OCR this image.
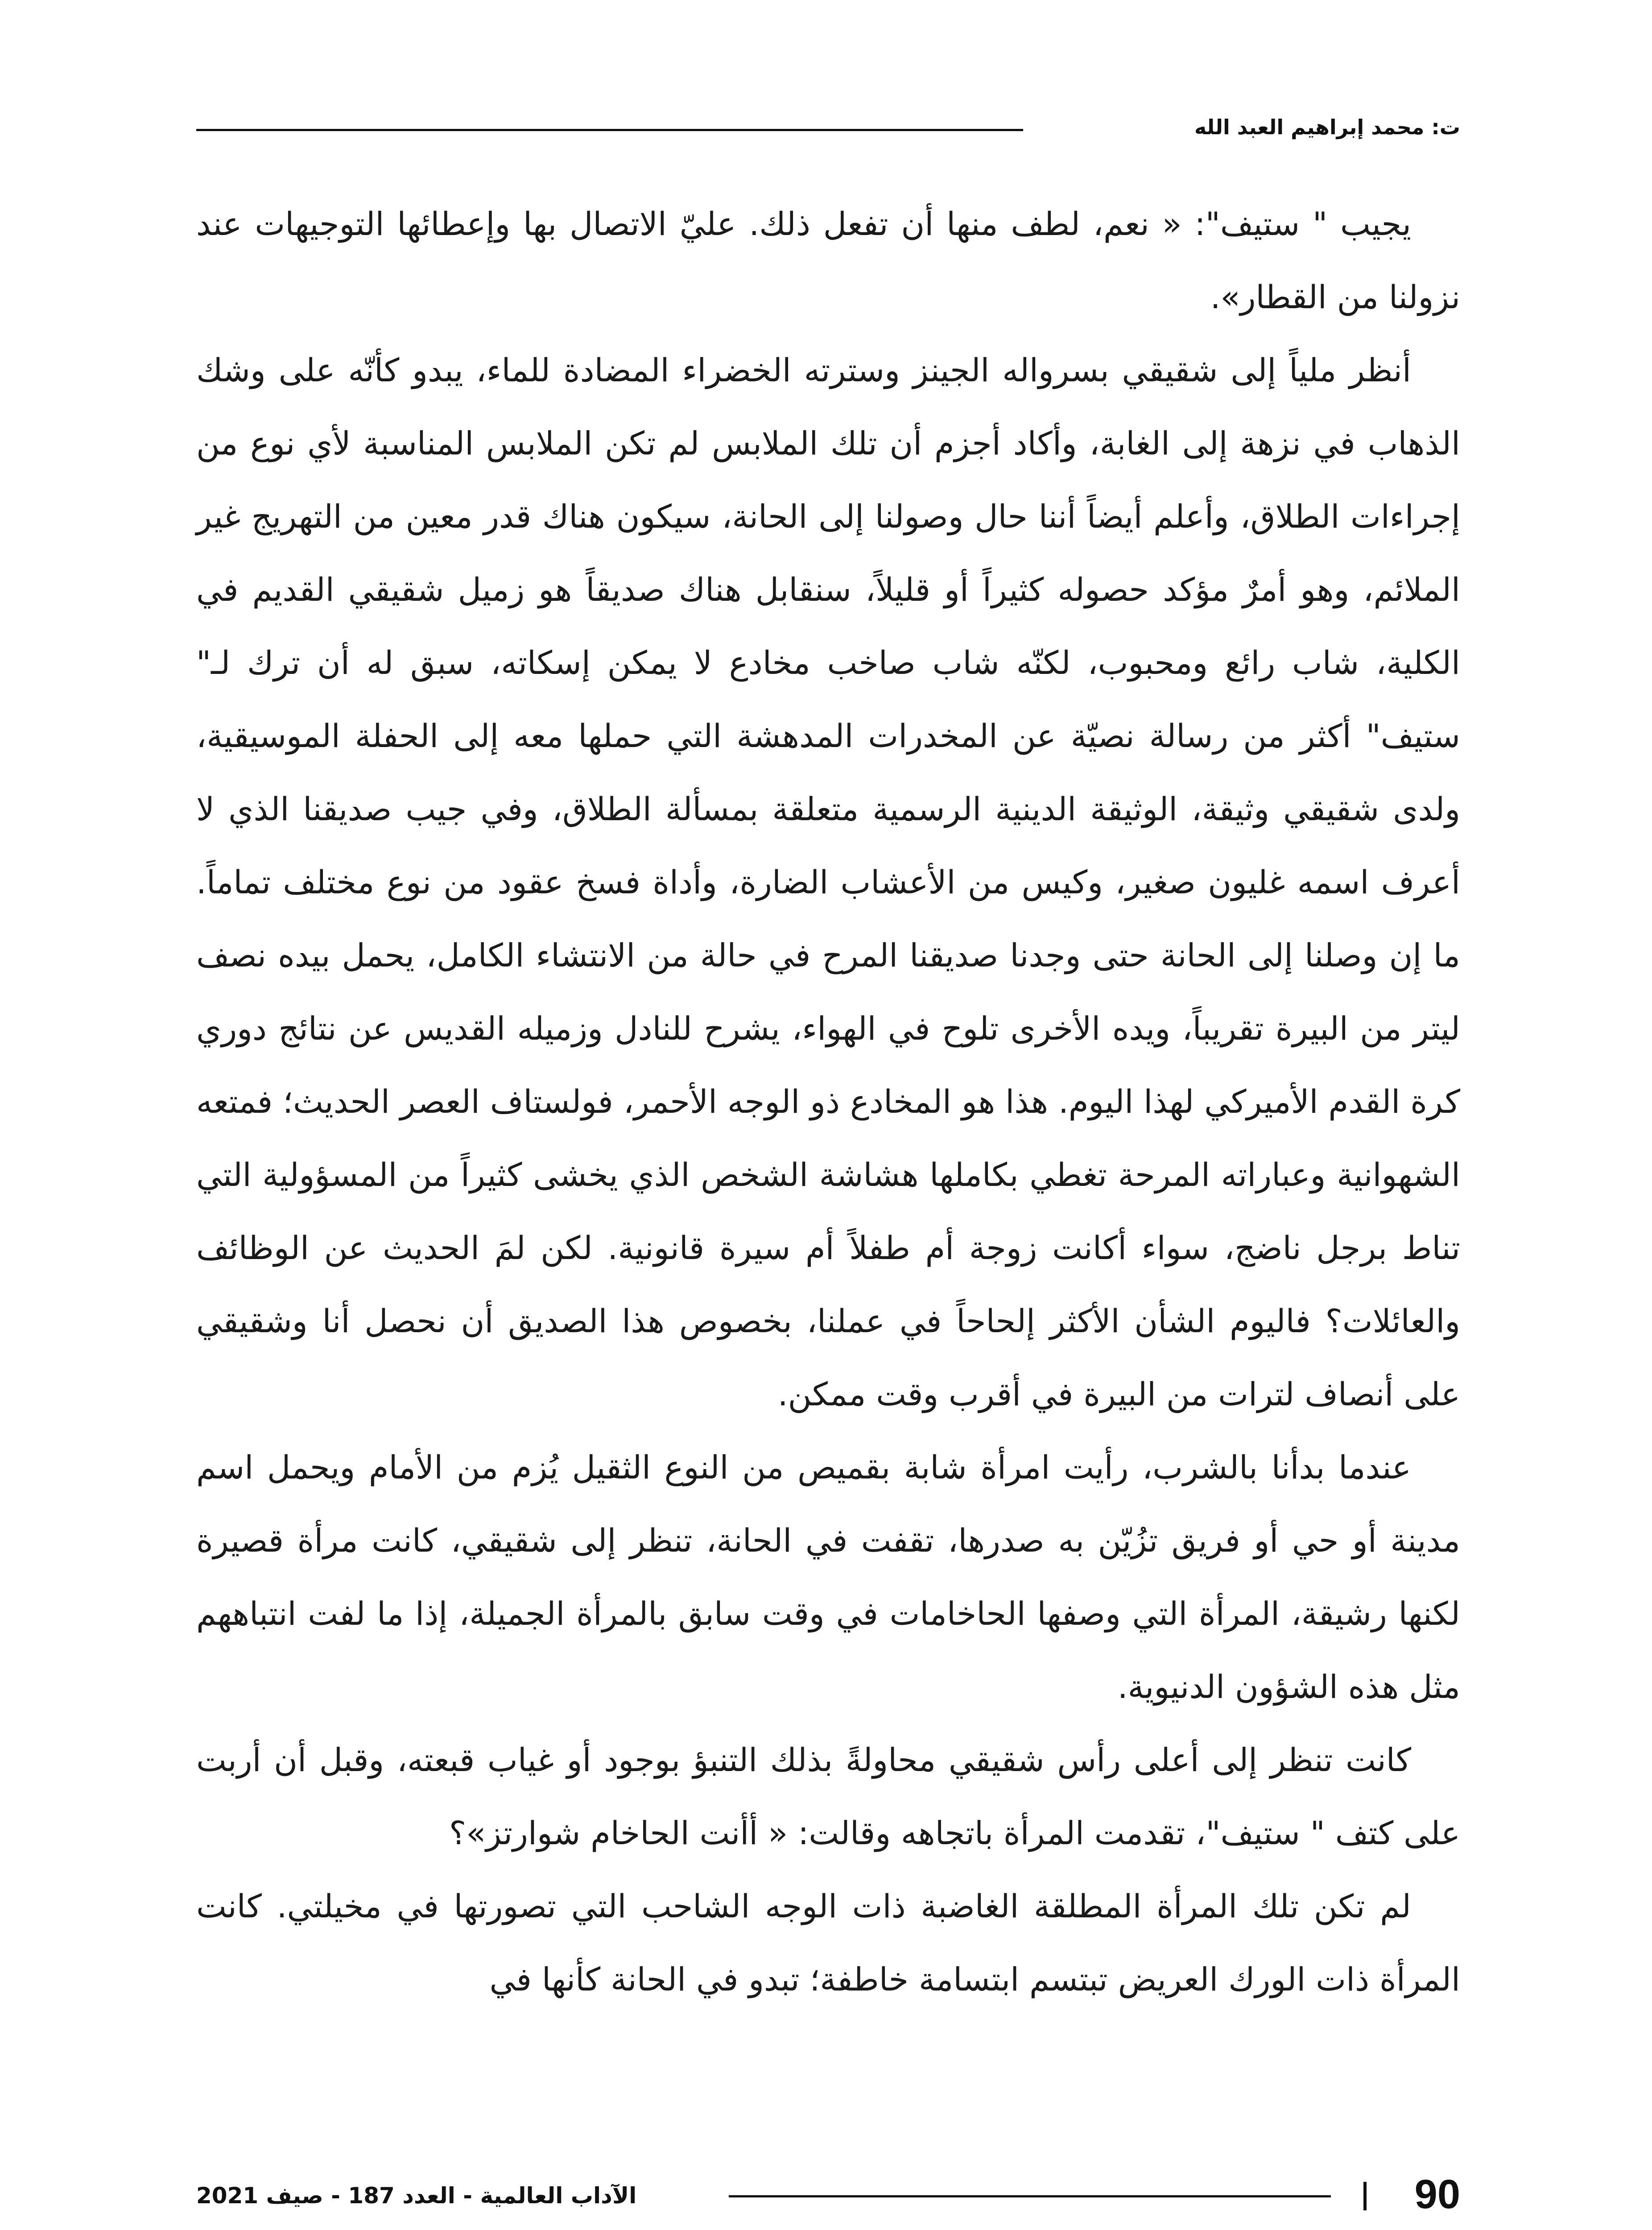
ت: محمد إبراهيم العبد الله

يجيب " ستيف": « نعم، لطف منها أن تفعل ذلك. عليّ الاتصال بها وإعطائها التوجيهات عند نزولنا من القطار».

أنظر ملياً إلى شقيقي بسرواله الجينز وسترته الخضراء المضادة للماء، يبدو كأنّه على وشك الذهاب في نزهة إلى الغابة، وأكاد أجزم أن تلك الملابس لم تكن الملابس المناسبة لأي نوع من إجراءات الطلاق، وأعلم أيضاً أننا حال وصولنا إلى الحانة، سيكون هناك قدر معين من التهريج غير الملائم، وهو أمرٌ مؤكد حصوله كثيراً أو قليلاً، سنقابل هناك صديقاً هو زميل شقيقي القديم في الكلية، شاب رائع ومحبوب، لكنّه شاب صاخب مخادع لا يمكن إسكاته، سبق له أن ترك لـ" ستيف" أكثر من رسالة نصيّة عن المخدرات المدهشة التي حملها معه إلى الحفلة الموسيقية، ولدى شقيقي وثيقة، الوثيقة الدينية الرسمية متعلقة بمسألة الطلاق، وفي جيب صديقنا الذي لا أعرف اسمه غليون صغير، وكيس من الأعشاب الضارة، وأداة فسخ عقود من نوع مختلف تماماً. ما إن وصلنا إلى الحانة حتى وجدنا صديقنا المرح في حالة من الانتشاء الكامل، يحمل بيده نصف ليتر من البيرة تقريباً، ويده الأخرى تلوح في الهواء، يشرح للنادل وزميله القديس عن نتائج دوري كرة القدم الأميركي لهذا اليوم. هذا هو المخادع ذو الوجه الأحمر، فولستاف العصر الحديث؛ فمتعه الشهوانية وعباراته المرحة تغطي بكاملها هشاشة الشخص الذي يخشى كثيراً من المسؤولية التي تناط برجل ناضج، سواء أكانت زوجة أم طفلاً أم سيرة قانونية. لكن لمَ الحديث عن الوظائف والعائلات؟ فاليوم الشأن الأكثر إلحاحاً في عملنا، بخصوص هذا الصديق أن نحصل أنا وشقيقي على أنصاف لترات من البيرة في أقرب وقت ممكن.

عندما بدأنا بالشرب، رأيت امرأة شابة بقميص من النوع الثقيل يُزم من الأمام ويحمل اسم مدينة أو حي أو فريق تزُيّن به صدرها، تقفت في الحانة، تنظر إلى شقيقي، كانت مرأة قصيرة لكنها رشيقة، المرأة التي وصفها الحاخامات في وقت سابق بالمرأة الجميلة، إذا ما لفت انتباههم مثل هذه الشؤون الدنيوية.

كانت تنظر إلى أعلى رأس شقيقي محاولةً بذلك التنبؤ بوجود أو غياب قبعته، وقبل أن أربت على كتف " ستيف"، تقدمت المرأة باتجاهه وقالت: « أأنت الحاخام شوارتز»؟

لم تكن تلك المرأة المطلقة الغاضبة ذات الوجه الشاحب التي تصورتها في مخيلتي. كانت المرأة ذات الورك العريض تبتسم ابتسامة خاطفة؛ تبدو في الحانة كأنها في

90
الآداب العالمية - العدد 187 - صيف 2021
